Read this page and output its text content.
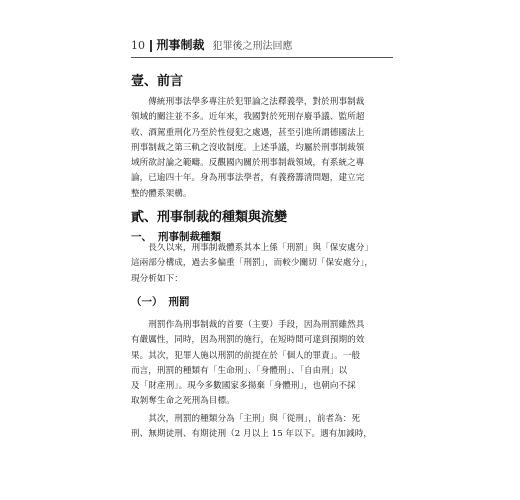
10 刑事制裁 犯罪後之刑法回應
壹、前言
　　傳統刑事法學多專注於犯罪論之法釋義學，對於刑事制裁
領域的關注並不多。近年來，我國對於死刑存廢爭議、監所超
收、酒駕重刑化乃至於性侵犯之處遇，甚至引進所謂德國法上
刑事制裁之第三軌之沒收制度。上述爭議，均屬於刑事制裁領
域所欲討論之範疇。反觀國內關於刑事制裁領域，有系統之專
論，已逾四十年。身為刑事法學者，有義務籌清問題，建立完
整的體系架構。
貳、刑事制裁的種類與流變
一、 刑事制裁種類
　　長久以來，刑事制裁體系其本上係「刑罰」與「保安處分」
這兩部分構成，過去多偏重「刑罰」，而較少關切「保安處分」，
現分析如下：
（一） 刑罰
　　刑罰作為刑事制裁的首要（主要）手段，因為刑罰雖然具
有嚴厲性，同時，因為刑罰的施行，在短時間可達到預期的效
果。其次，犯罪人施以刑罰的前提在於「個人的罪責」。一般
而言，刑罰的種類有「生命刑」、「身體刑」、「自由刑」以
及「財產刑」。現今多數國家多揚棄「身體刑」，也朝向不採
取剝奪生命之死刑為目標。
　　其次，刑罰的種類分為「主刑」與「從刑」，前者為：死
刑、無期徒刑、有期徒刑（2 月以上 15 年以下。遇有加減時，
